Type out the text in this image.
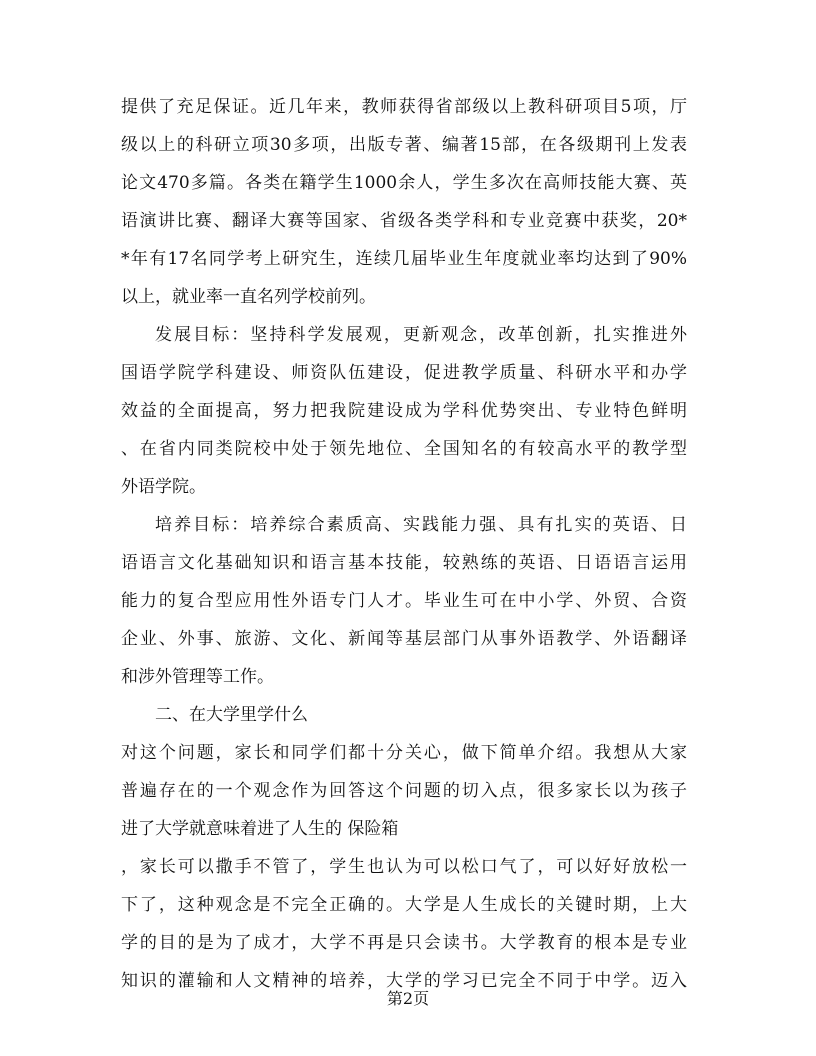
提供了充足保证。近几年来，教师获得省部级以上教科研项目5项，厅
级以上的科研立项30多项，出版专著、编著15部，在各级期刊上发表
论文470多篇。各类在籍学生1000余人，学生多次在高师技能大赛、英
语演讲比赛、翻译大赛等国家、省级各类学科和专业竞赛中获奖，20*
*年有17名同学考上研究生，连续几届毕业生年度就业率均达到了90%
以上，就业率一直名列学校前列。
发展目标：坚持科学发展观，更新观念，改革创新，扎实推进外
国语学院学科建设、师资队伍建设，促进教学质量、科研水平和办学
效益的全面提高，努力把我院建设成为学科优势突出、专业特色鲜明
、在省内同类院校中处于领先地位、全国知名的有较高水平的教学型
外语学院。
培养目标：培养综合素质高、实践能力强、具有扎实的英语、日
语语言文化基础知识和语言基本技能，较熟练的英语、日语语言运用
能力的复合型应用性外语专门人才。毕业生可在中小学、外贸、合资
企业、外事、旅游、文化、新闻等基层部门从事外语教学、外语翻译
和涉外管理等工作。
二、在大学里学什么
对这个问题，家长和同学们都十分关心，做下简单介绍。我想从大家
普遍存在的一个观念作为回答这个问题的切入点，很多家长以为孩子
进了大学就意味着进了人生的 保险箱
，家长可以撒手不管了，学生也认为可以松口气了，可以好好放松一
下了，这种观念是不完全正确的。大学是人生成长的关键时期，上大
学的目的是为了成才，大学不再是只会读书。大学教育的根本是专业
知识的灌输和人文精神的培养，大学的学习已完全不同于中学。迈入
第2页
